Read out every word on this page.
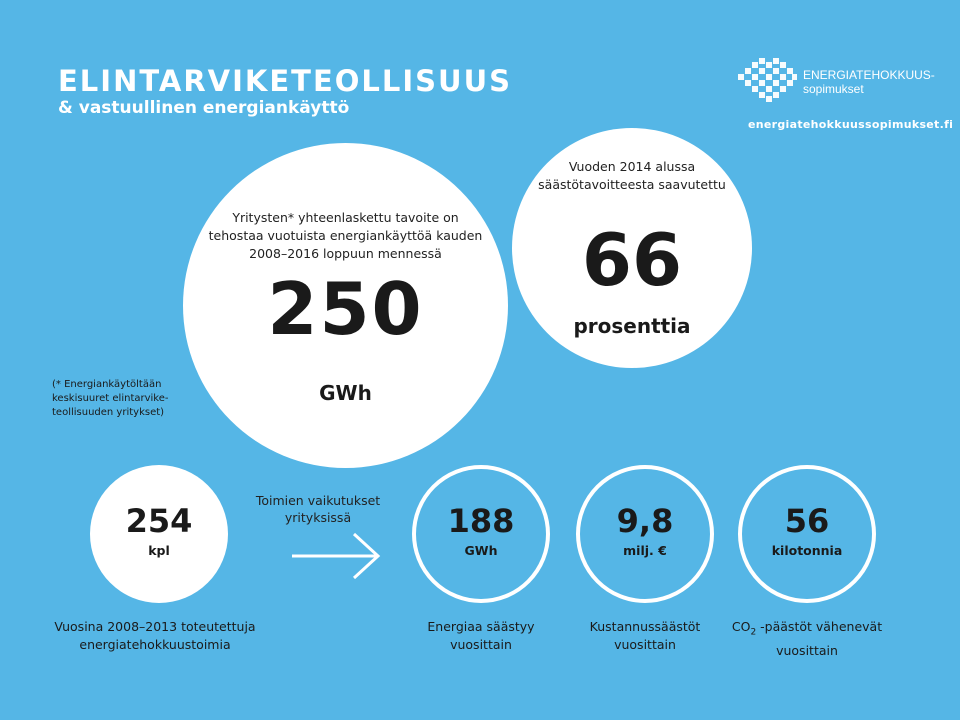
ELINTARVIKETEOLLISUUS
& vastuullinen energiankäyttö
ENERGIATEHOKKUUS-
sopimukset
energiatehokkuussopimukset.fi
Yritysten* yhteenlaskettu tavoite on tehostaa vuotuista energiankäyttöä kauden 2008–2016 loppuun mennessä
250
GWh
Vuoden 2014 alussa säästötavoitteesta saavutettu
66
prosenttia
(* Energiankäytöltään keskisuuret elintarvike-teollisuuden yritykset)
254
kpl
Toimien vaikutukset yrityksissä	188
GWh
9,8
milj. €
56
kilotonnia
Vuosina 2008–2013 toteutettuja energiatehokkuustoimia
Energiaa säästyy vuosittain
Kustannussäästöt vuosittain
$CO_2$ -päästöt vähenevät vuosittain
